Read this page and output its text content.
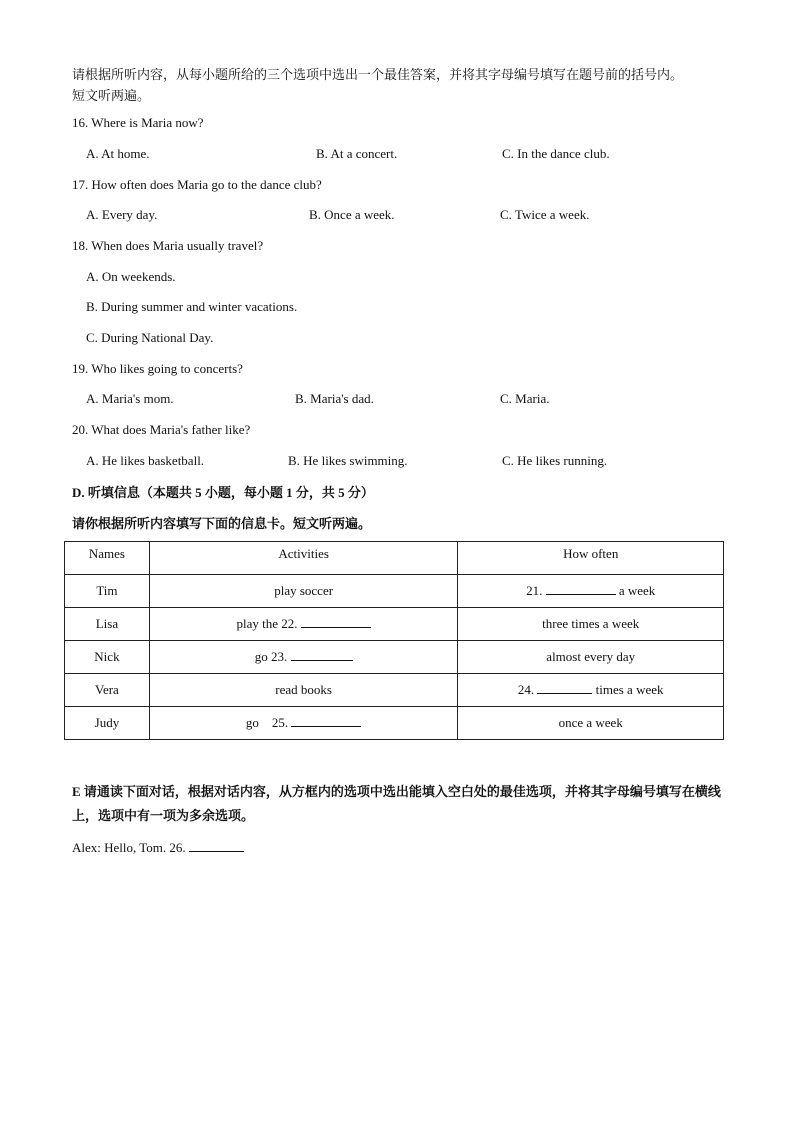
请根据所听内容，从每小题所给的三个选项中选出一个最佳答案，并将其字母编号填写在题号前的括号内。
短文听两遍。
16. Where is Maria now?
A. At home.	B. At a concert.	C. In the dance club.
17. How often does Maria go to the dance club?
A. Every day.	B. Once a week.	C. Twice a week.
18. When does Maria usually travel?
A. On weekends.
B. During summer and winter vacations.
C. During National Day.
19. Who likes going to concerts?
A. Maria's mom.	B. Maria's dad.	C. Maria.
20. What does Maria's father like?
A. He likes basketball.	B. He likes swimming.	C. He likes running.
D. 听填信息（本题共 5 小题，每小题 1 分，共 5 分）
请你根据所听内容填写下面的信息卡。短文听两遍。
Names	Activities	How often
Tim	play soccer	21. a week
Lisa	play the 22.	three times a week
Nick	go 23.	almost every day
Vera	read books	24. times a week
Judy	go    25.	once a week
E 请通读下面对话，根据对话内容，从方框内的选项中选出能填入空白处的最佳选项，并将其字母编号填写在横线上，选项中有一项为多余选项。
Alex: Hello, Tom. 26.
